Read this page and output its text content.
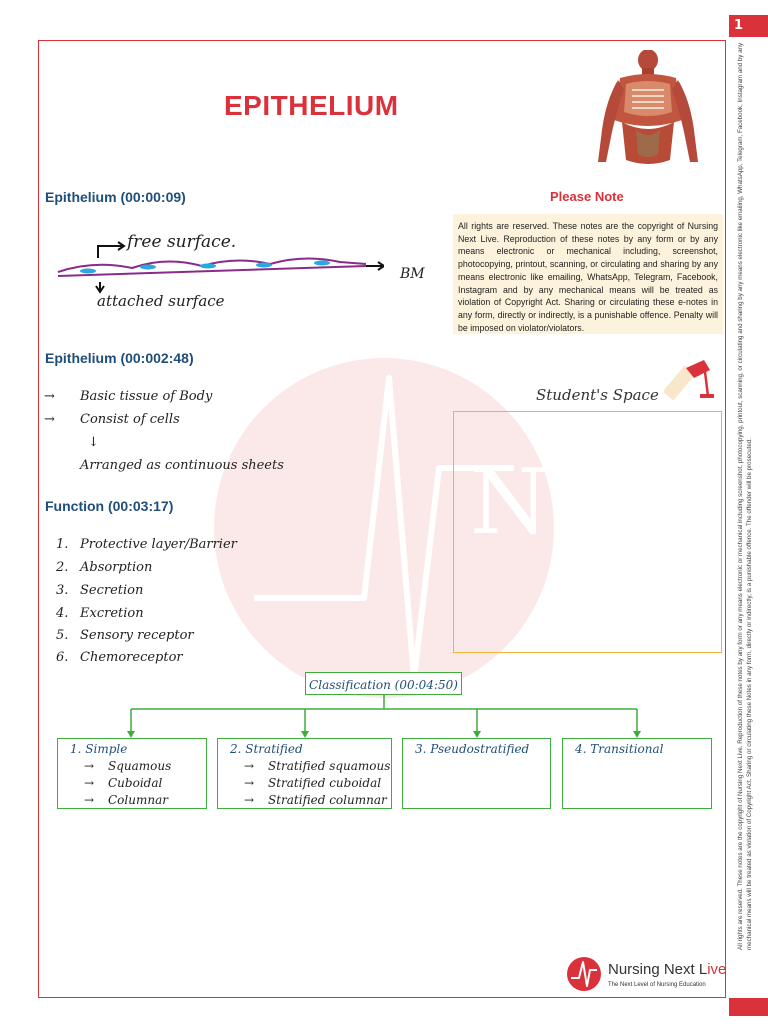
1
All rights are reserved. These notes are the copyright of Nursing Next Live. Reproduction of these notes by any form or any means electronic or mechanical including screenshot, photocopying, printout, scanning, or circulating and sharing by any means electronic like emailing, WhatsApp, Telegram, Facebook, Instagram and by any mechanical means will be treated as violation of Copyright Act. Sharing or circulating these Notes in any form, directly or indirectly, is a punishable offence. The offender will be prosecuted.
N
EPITHELIUM
Epithelium (00:00:09)
free surface.
BM
attached surface
Epithelium (00:002:48)
→ Basic tissue of Body
→ Consist of cells
↓
Arranged as continuous sheets
Function (00:03:17)
1. Protective layer/Barrier
2. Absorption
3. Secretion
4. Excretion
5. Sensory receptor
6. Chemoreceptor
Please Note
All rights are reserved. These notes are the copyright of Nursing Next Live. Reproduction of these notes by any form or by any means electronic or mechanical including, screenshot, photocopying, printout, scanning, or circulating and sharing by any means electronic like emailing, WhatsApp, Telegram, Facebook, Instagram and by any mechanical means will be treated as violation of Copyright Act. Sharing or circulating these e-notes in any form, directly or indirectly, is a punishable offence. Penalty will be imposed on violator/violators.
Student's Space
Classification (00:04:50)
1. Simple
→ Squamous
→ Cuboidal
→ Columnar
2. Stratified
→ Stratified squamous
→ Stratified cuboidal
→ Stratified columnar
3. Pseudostratified	4. Transitional
Nursing Next Live
The Next Level of Nursing Education
